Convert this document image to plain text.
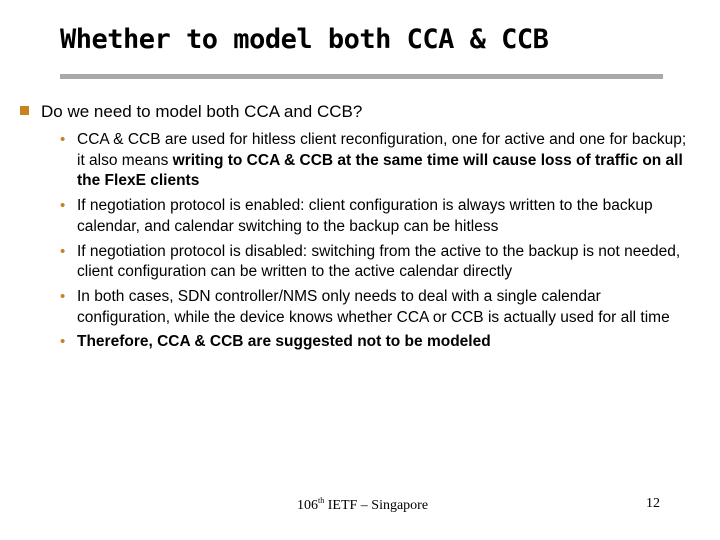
Whether to model both CCA & CCB
Do we need to model both CCA and CCB?
• CCA & CCB are used for hitless client reconfiguration, one for active and one for backup; it also means writing to CCA & CCB at the same time will cause loss of traffic on all the FlexE clients
• If negotiation protocol is enabled: client configuration is always written to the backup calendar, and calendar switching to the backup can be hitless
• If negotiation protocol is disabled: switching from the active to the backup is not needed, client configuration can be written to the active calendar directly
• In both cases, SDN controller/NMS only needs to deal with a single calendar configuration, while the device knows whether CCA or CCB is actually used for all time
• Therefore, CCA & CCB are suggested not to be modeled
106th IETF – Singapore	12
